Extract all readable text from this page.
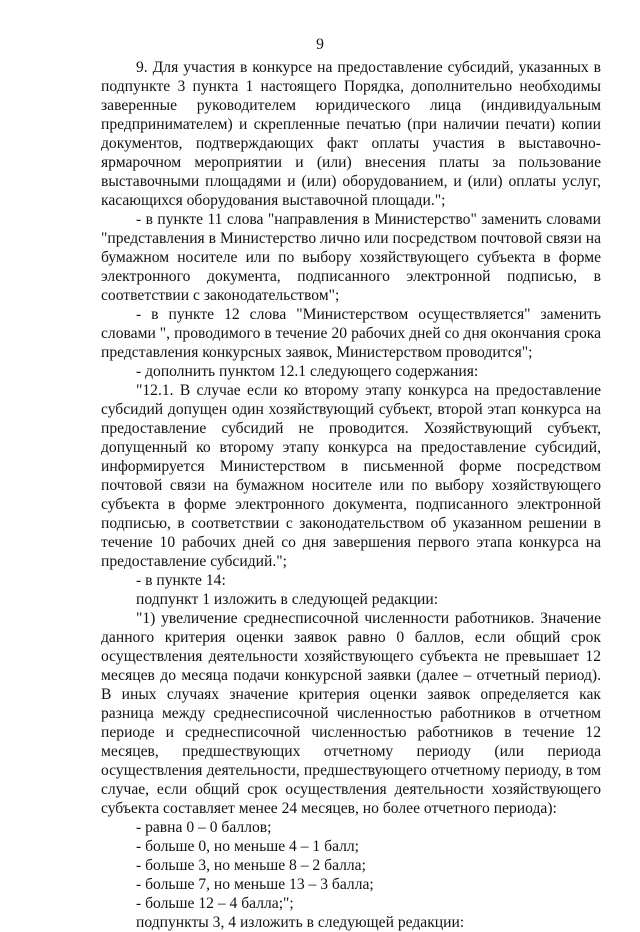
9

9. Для участия в конкурсе на предоставление субсидий, указанных в подпункте 3 пункта 1 настоящего Порядка, дополнительно необходимы заверенные руководителем юридического лица (индивидуальным предпринимателем) и скрепленные печатью (при наличии печати) копии документов, подтверждающих факт оплаты участия в выставочно-ярмарочном мероприятии и (или) внесения платы за пользование выставочными площадями и (или) оборудованием, и (или) оплаты услуг, касающихся оборудования выставочной площади.";

- в пункте 11 слова "направления в Министерство" заменить словами "представления в Министерство лично или посредством почтовой связи на бумажном носителе или по выбору хозяйствующего субъекта в форме электронного документа, подписанного электронной подписью, в соответствии с законодательством";

- в пункте 12 слова "Министерством осуществляется" заменить словами ", проводимого в течение 20 рабочих дней со дня окончания срока представления конкурсных заявок, Министерством проводится";

- дополнить пунктом 12.1 следующего содержания:

"12.1. В случае если ко второму этапу конкурса на предоставление субсидий допущен один хозяйствующий субъект, второй этап конкурса на предоставление субсидий не проводится. Хозяйствующий субъект, допущенный ко второму этапу конкурса на предоставление субсидий, информируется Министерством в письменной форме посредством почтовой связи на бумажном носителе или по выбору хозяйствующего субъекта в форме электронного документа, подписанного электронной подписью, в соответствии с законодательством об указанном решении в течение 10 рабочих дней со дня завершения первого этапа конкурса на предоставление субсидий.";

- в пункте 14:

подпункт 1 изложить в следующей редакции:

"1) увеличение среднесписочной численности работников. Значение данного критерия оценки заявок равно 0 баллов, если общий срок осуществления деятельности хозяйствующего субъекта не превышает 12 месяцев до месяца подачи конкурсной заявки (далее – отчетный период). В иных случаях значение критерия оценки заявок определяется как разница между среднесписочной численностью работников в отчетном периоде и среднесписочной численностью работников в течение 12 месяцев, предшествующих отчетному периоду (или периода осуществления деятельности, предшествующего отчетному периоду, в том случае, если общий срок осуществления деятельности хозяйствующего субъекта составляет менее 24 месяцев, но более отчетного периода):

- равна 0 – 0 баллов;

- больше 0, но меньше 4 – 1 балл;

- больше 3, но меньше 8 – 2 балла;

- больше 7, но меньше 13 – 3 балла;

- больше 12 – 4 балла;";

подпункты 3, 4 изложить в следующей редакции:
